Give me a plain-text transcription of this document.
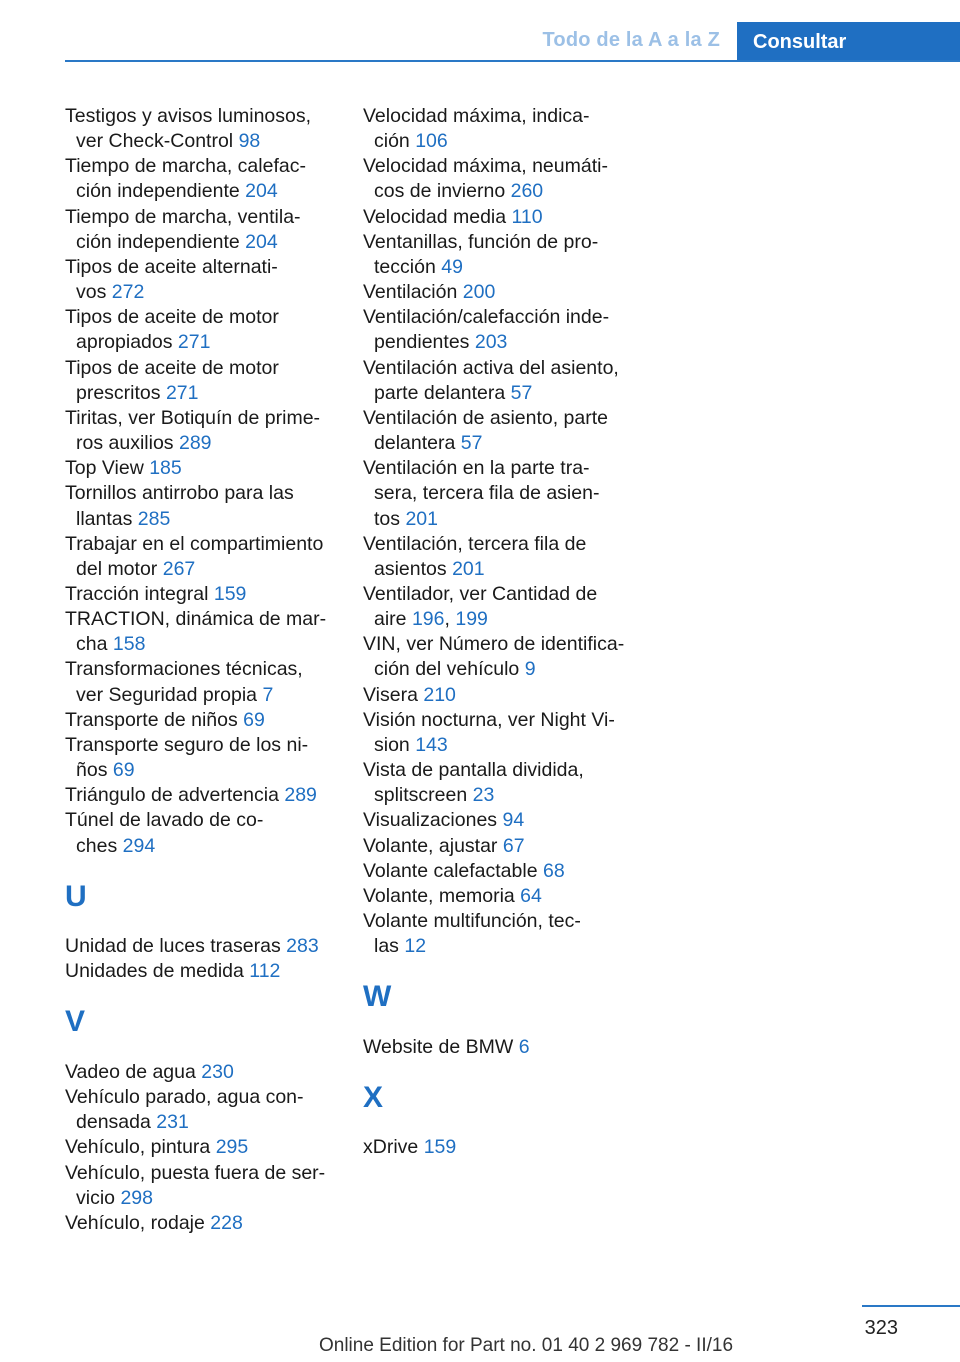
Todo de la A a la Z	Consultar
Testigos y avisos luminosos,
ver Check-Control 98
Tiempo de marcha, calefac-
ción independiente 204
Tiempo de marcha, ventila-
ción independiente 204
Tipos de aceite alternati-
vos 272
Tipos de aceite de motor
apropiados 271
Tipos de aceite de motor
prescritos 271
Tiritas, ver Botiquín de prime-
ros auxilios 289
Top View 185
Tornillos antirrobo para las
llantas 285
Trabajar en el compartimiento
del motor 267
Tracción integral 159
TRACTION, dinámica de mar-
cha 158
Transformaciones técnicas,
ver Seguridad propia 7
Transporte de niños 69
Transporte seguro de los ni-
ños 69
Triángulo de advertencia 289
Túnel de lavado de co-
ches 294
U
Unidad de luces traseras 283
Unidades de medida 112
V
Vadeo de agua 230
Vehículo parado, agua con-
densada 231
Vehículo, pintura 295
Vehículo, puesta fuera de ser-
vicio 298
Vehículo, rodaje 228
Velocidad máxima, indica-
ción 106
Velocidad máxima, neumáti-
cos de invierno 260
Velocidad media 110
Ventanillas, función de pro-
tección 49
Ventilación 200
Ventilación/calefacción inde-
pendientes 203
Ventilación activa del asiento,
parte delantera 57
Ventilación de asiento, parte
delantera 57
Ventilación en la parte tra-
sera, tercera fila de asien-
tos 201
Ventilación, tercera fila de
asientos 201
Ventilador, ver Cantidad de
aire 196, 199
VIN, ver Número de identifica-
ción del vehículo 9
Visera 210
Visión nocturna, ver Night Vi-
sion 143
Vista de pantalla dividida,
splitscreen 23
Visualizaciones 94
Volante, ajustar 67
Volante calefactable 68
Volante, memoria 64
Volante multifunción, tec-
las 12
W
Website de BMW 6
X
xDrive 159
323
Online Edition for Part no. 01 40 2 969 782 - II/16
